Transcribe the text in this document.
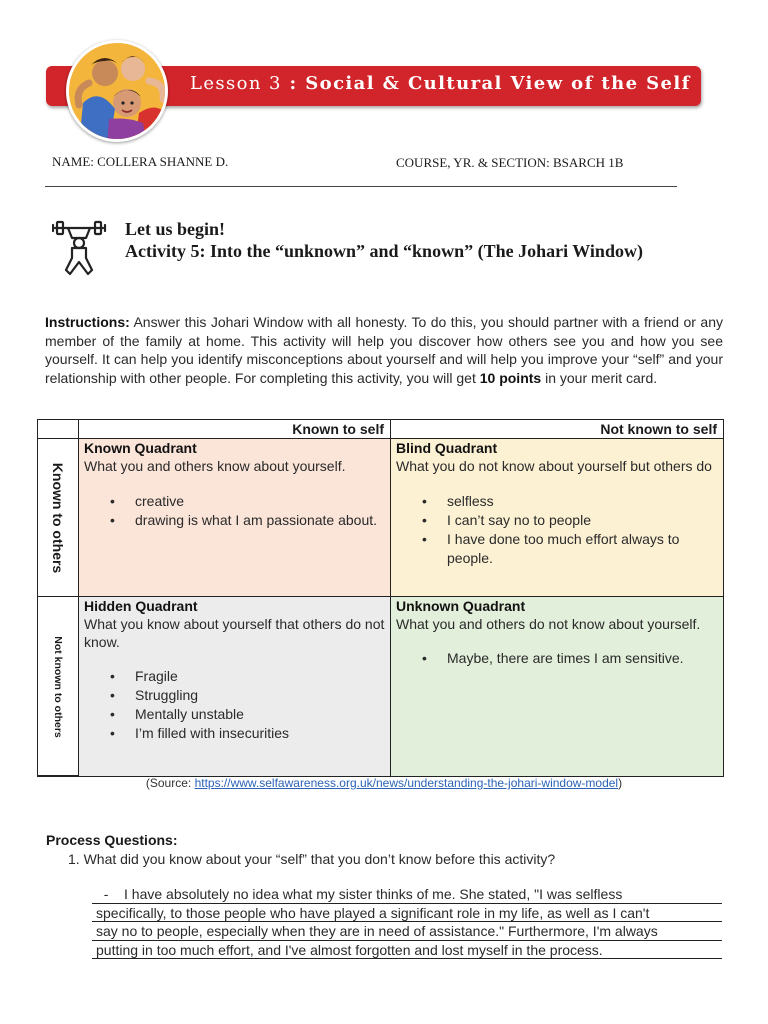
Lesson 3 : Social & Cultural View of the Self
NAME: COLLERA SHANNE D.	COURSE, YR. & SECTION: BSARCH 1B
Let us begin!
Activity 5: Into the “unknown” and “known” (The Johari Window)
Instructions: Answer this Johari Window with all honesty. To do this, you should partner with a friend or any member of the family at home. This activity will help you discover how others see you and how you see yourself. It can help you identify misconceptions about yourself and will help you improve your “self” and your relationship with other people. For completing this activity, you will get 10 points in your merit card.
Known to self	Not known to self
Known to others
Not known to others
Known Quadrant
What you and others know about yourself.
• creative
• drawing is what I am passionate about.
Blind Quadrant
What you do not know about yourself but others do
• selfless
• I can’t say no to people
• I have done too much effort always to people.
Hidden Quadrant
What you know about yourself that others do not know.
• Fragile
• Struggling
• Mentally unstable
• I’m filled with insecurities
Unknown Quadrant
What you and others do not know about yourself.
• Maybe, there are times I am sensitive.
(Source: https://www.selfawareness.org.uk/news/understanding-the-johari-window-model)
Process Questions:
1. What did you know about your “self” that you don’t know before this activity?
-    I have absolutely no idea what my sister thinks of me. She stated, "I was selfless
specifically, to those people who have played a significant role in my life, as well as I can't
say no to people, especially when they are in need of assistance." Furthermore, I'm always
putting in too much effort, and I've almost forgotten and lost myself in the process.
